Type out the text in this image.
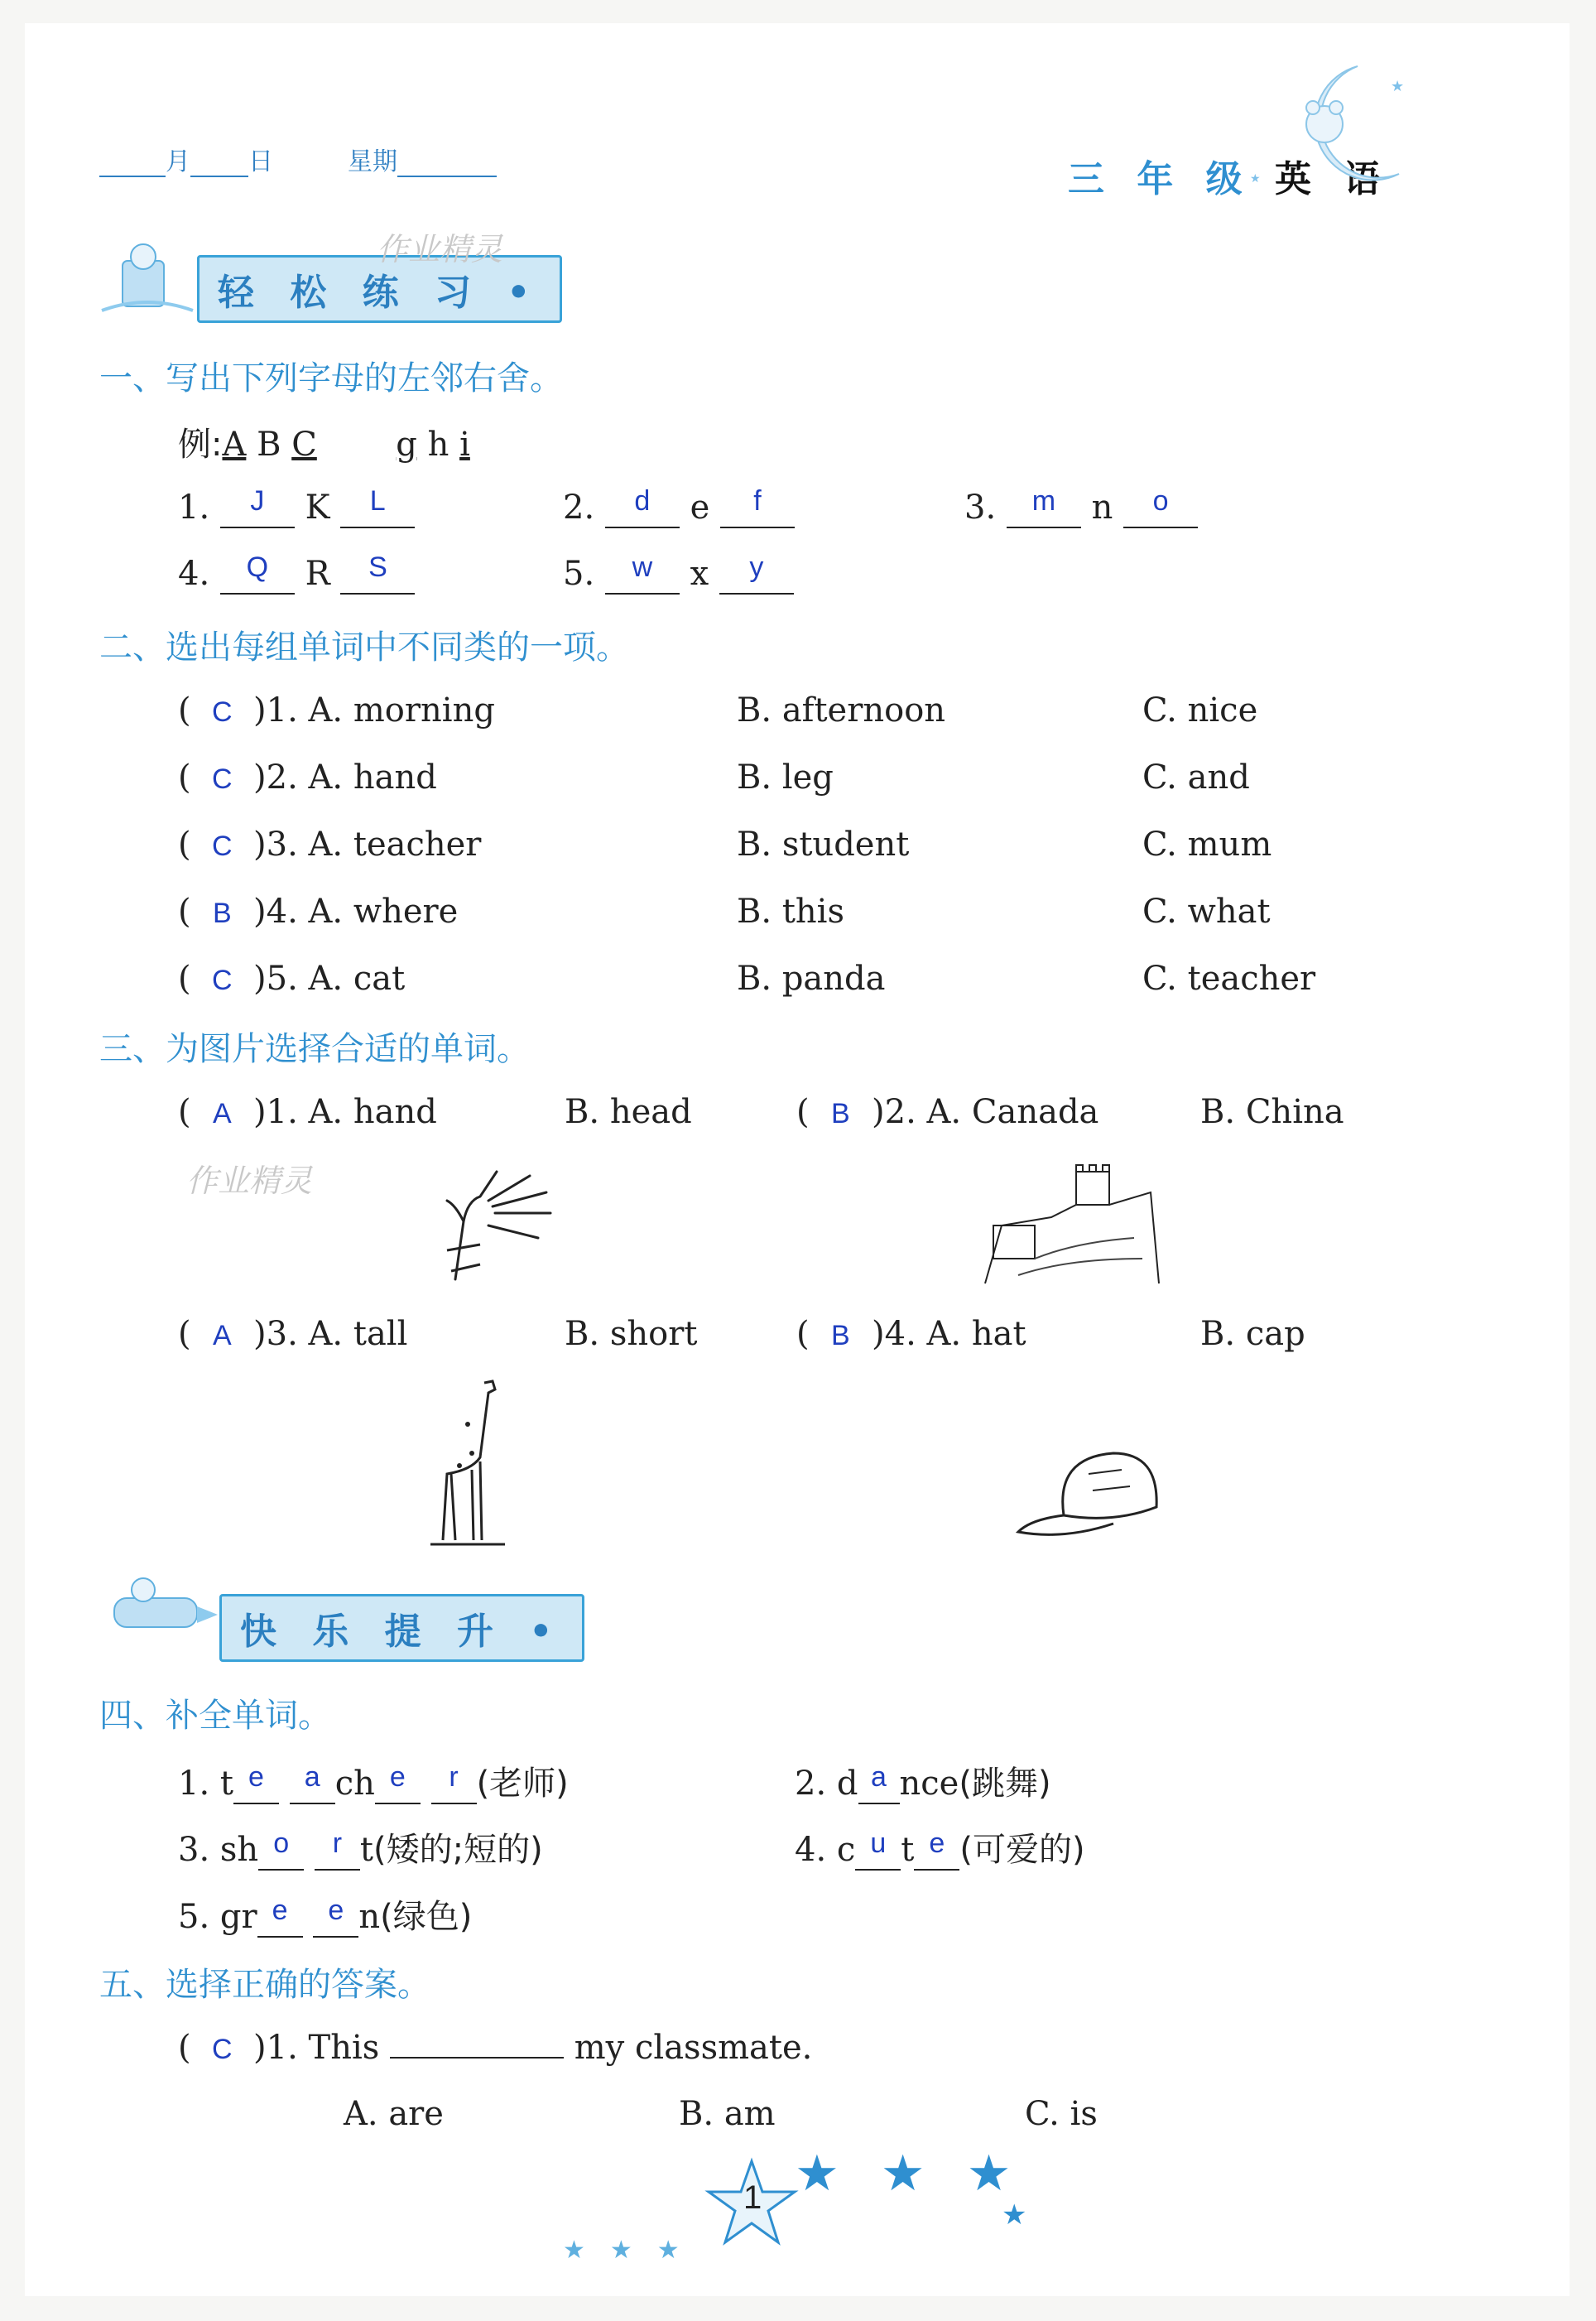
月 日	星期	三 年 级 英 语
★
★
轻 松 练 习 •
作业精灵
一、写出下列字母的左邻右舍。
例:A B C g h i
1. $^J$ K $^L$	2. $^d$ e $^f$	3. $^m$ n $^o$
4. $^Q$ R $^S$	5. $^w$ x $^y$
二、选出每组单词中不同类的一项。
( C )1. A. morning	B. afternoon	C. nice
( C )2. A. hand	B. leg	C. and
( C )3. A. teacher	B. student	C. mum
( B )4. A. where	B. this	C. what
( C )5. A. cat	B. panda	C. teacher
三、为图片选择合适的单词。
( A )1. A. hand	B. head	( B )2. A. Canada	B. China
作业精灵
( A )3. A. tall	B. short	( B )4. A. hat	B. cap
快 乐 提 升 •
四、补全单词。
1. t $^e$ $^a$ ch $^e$ $^r$ (老师)	2. d $^a$ nce(跳舞)
3. sh $^o$ $^r$ t(矮的;短的)	4. c $^u$ t $^e$ (可爱的)
5. gr $^e$ $^e$ n(绿色)
五、选择正确的答案。
( C )1. This	my classmate.
A. are	B. am	C. is
1 ★★★
★
★★★
